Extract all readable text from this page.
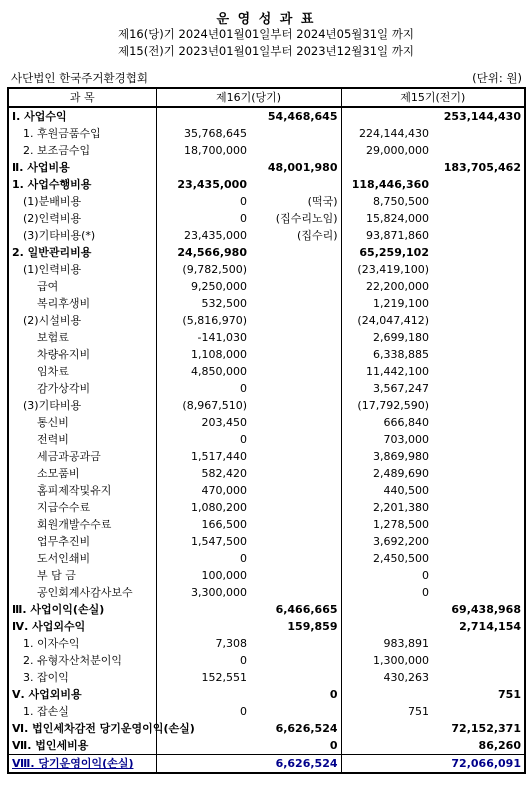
운 영 성 과 표
제16(당)기 2024년01월01일부터 2024년05월31일 까지
제15(전)기 2023년01월01일부터 2023년12월31일 까지
사단법인 한국주거환경협회	(단위: 원)
과 목	제16기(당기)		제15기(전기)	
Ⅰ. 사업수익		54,468,645		253,144,430
1. 후원금품수입	35,768,645		224,144,430	
2. 보조금수입	18,700,000		29,000,000	
Ⅱ. 사업비용		48,001,980		183,705,462
1. 사업수행비용	23,435,000		118,446,360	
(1)분배비용	0	(떡국)	8,750,500	
(2)인력비용	0	(집수리노임)	15,824,000	
(3)기타비용(*)	23,435,000	(집수리)	93,871,860	
2. 일반관리비용	24,566,980		65,259,102	
(1)인력비용	(9,782,500)		(23,419,100)	
급여	9,250,000		22,200,000	
복리후생비	532,500		1,219,100	
(2)시설비용	(5,816,970)		(24,047,412)	
보험료	-141,030		2,699,180	
차량유지비	1,108,000		6,338,885	
임차료	4,850,000		11,442,100	
감가상각비	0		3,567,247	
(3)기타비용	(8,967,510)		(17,792,590)	
통신비	203,450		666,840	
전력비	0		703,000	
세금과공과금	1,517,440		3,869,980	
소모품비	582,420		2,489,690	
홈피제작및유지	470,000		440,500	
지급수수료	1,080,200		2,201,380	
회원개발수수료	166,500		1,278,500	
업무추진비	1,547,500		3,692,200	
도서인쇄비	0		2,450,500	
부 담 금	100,000		0	
공인회계사감사보수	3,300,000		0	
Ⅲ. 사업이익(손실)		6,466,665		69,438,968
Ⅳ. 사업외수익		159,859		2,714,154
1. 이자수익	7,308		983,891	
2. 유형자산처분이익	0		1,300,000	
3. 잡이익	152,551		430,263	
Ⅴ. 사업외비용		0		751
1. 잡손실	0		751	
Ⅵ. 법인세차감전 당기운영이익(손실)		6,626,524		72,152,371
Ⅶ. 법인세비용		0		86,260
Ⅷ. 당기운영이익(손실)		6,626,524		72,066,091
